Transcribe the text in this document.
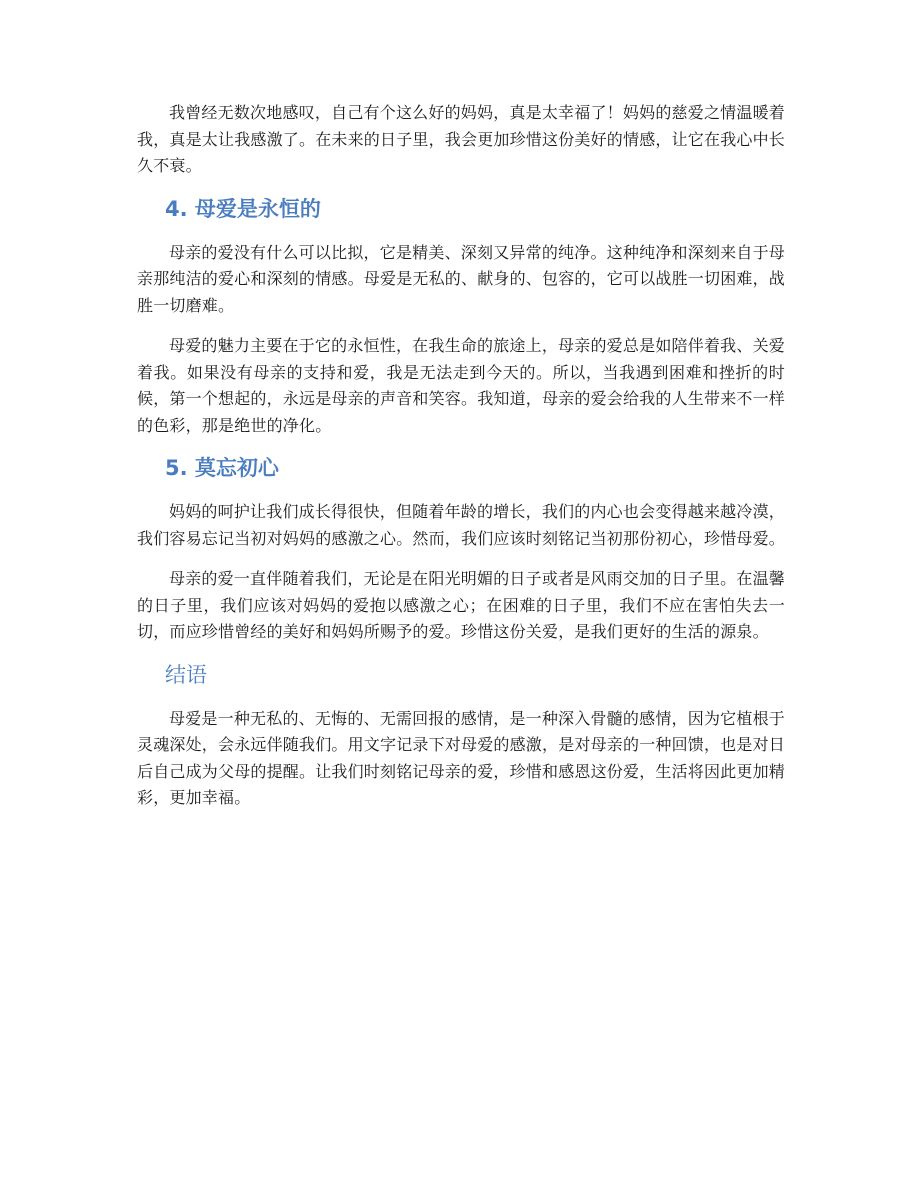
我曾经无数次地感叹，自己有个这么好的妈妈，真是太幸福了！妈妈的慈爱之情温暖着我，真是太让我感激了。在未来的日子里，我会更加珍惜这份美好的情感，让它在我心中长久不衰。

4. 母爱是永恒的

母亲的爱没有什么可以比拟，它是精美、深刻又异常的纯净。这种纯净和深刻来自于母亲那纯洁的爱心和深刻的情感。母爱是无私的、献身的、包容的，它可以战胜一切困难，战胜一切磨难。

母爱的魅力主要在于它的永恒性，在我生命的旅途上，母亲的爱总是如陪伴着我、关爱着我。如果没有母亲的支持和爱，我是无法走到今天的。所以，当我遇到困难和挫折的时候，第一个想起的，永远是母亲的声音和笑容。我知道，母亲的爱会给我的人生带来不一样的色彩，那是绝世的净化。

5. 莫忘初心

妈妈的呵护让我们成长得很快，但随着年龄的增长，我们的内心也会变得越来越冷漠，我们容易忘记当初对妈妈的感激之心。然而，我们应该时刻铭记当初那份初心，珍惜母爱。

母亲的爱一直伴随着我们，无论是在阳光明媚的日子或者是风雨交加的日子里。在温馨的日子里，我们应该对妈妈的爱抱以感激之心；在困难的日子里，我们不应在害怕失去一切，而应珍惜曾经的美好和妈妈所赐予的爱。珍惜这份关爱，是我们更好的生活的源泉。

结语

母爱是一种无私的、无悔的、无需回报的感情，是一种深入骨髓的感情，因为它植根于灵魂深处，会永远伴随我们。用文字记录下对母爱的感激，是对母亲的一种回馈，也是对日后自己成为父母的提醒。让我们时刻铭记母亲的爱，珍惜和感恩这份爱，生活将因此更加精彩，更加幸福。
